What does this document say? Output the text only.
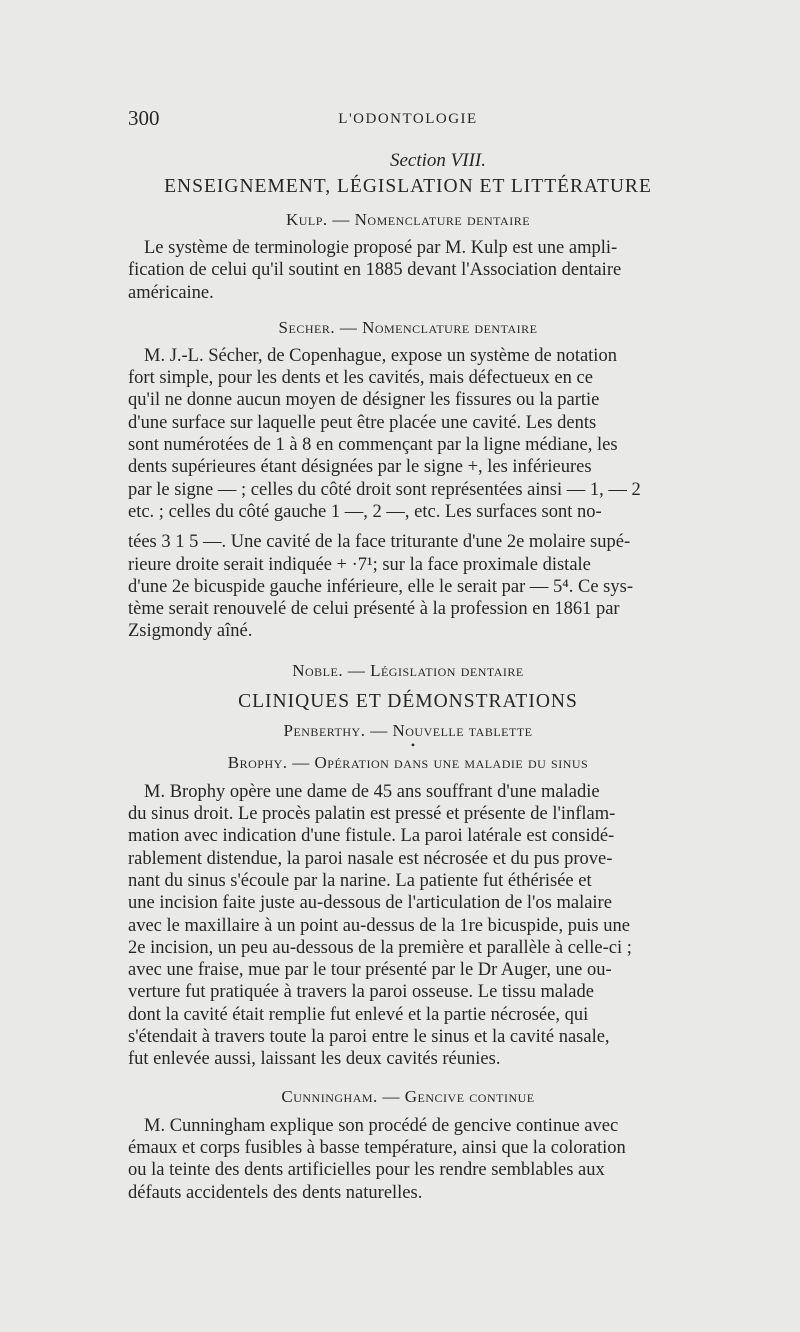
300	L'ODONTOLOGIE

Section VIII.

ENSEIGNEMENT, LÉGISLATION ET LITTÉRATURE
Kulp. — Nomenclature dentaire
Le système de terminologie proposé par M. Kulp est une ampli-
fication de celui qu'il soutint en 1885 devant l'Association dentaire
américaine.
Secher. — Nomenclature dentaire
M. J.-L. Sécher, de Copenhague, expose un système de notation
fort simple, pour les dents et les cavités, mais défectueux en ce
qu'il ne donne aucun moyen de désigner les fissures ou la partie
d'une surface sur laquelle peut être placée une cavité. Les dents
sont numérotées de 1 à 8 en commençant par la ligne médiane, les
dents supérieures étant désignées par le signe +, les inférieures
par le signe — ; celles du côté droit sont représentées ainsi — 1, — 2
etc. ; celles du côté gauche 1 —, 2 —, etc. Les surfaces sont no-
tées 3 1 5 —. Une cavité de la face triturante d'une 2e molaire supé-
rieure droite serait indiquée + ·7¹; sur la face proximale distale
d'une 2e bicuspide gauche inférieure, elle le serait par — 5⁴. Ce sys-
tème serait renouvelé de celui présenté à la profession en 1861 par
Zsigmondy aîné.
Noble. — Législation dentaire
CLINIQUES ET DÉMONSTRATIONS
Penberthy. — Nouvelle tablette
•
Brophy. — Opération dans une maladie du sinus
M. Brophy opère une dame de 45 ans souffrant d'une maladie
du sinus droit. Le procès palatin est pressé et présente de l'inflam-
mation avec indication d'une fistule. La paroi latérale est considé-
rablement distendue, la paroi nasale est nécrosée et du pus prove-
nant du sinus s'écoule par la narine. La patiente fut éthérisée et
une incision faite juste au-dessous de l'articulation de l'os malaire
avec le maxillaire à un point au-dessus de la 1re bicuspide, puis une
2e incision, un peu au-dessous de la première et parallèle à celle-ci ;
avec une fraise, mue par le tour présenté par le Dr Auger, une ou-
verture fut pratiquée à travers la paroi osseuse. Le tissu malade
dont la cavité était remplie fut enlevé et la partie nécrosée, qui
s'étendait à travers toute la paroi entre le sinus et la cavité nasale,
fut enlevée aussi, laissant les deux cavités réunies.
Cunningham. — Gencive continue
M. Cunningham explique son procédé de gencive continue avec
émaux et corps fusibles à basse température, ainsi que la coloration
ou la teinte des dents artificielles pour les rendre semblables aux
défauts accidentels des dents naturelles.
